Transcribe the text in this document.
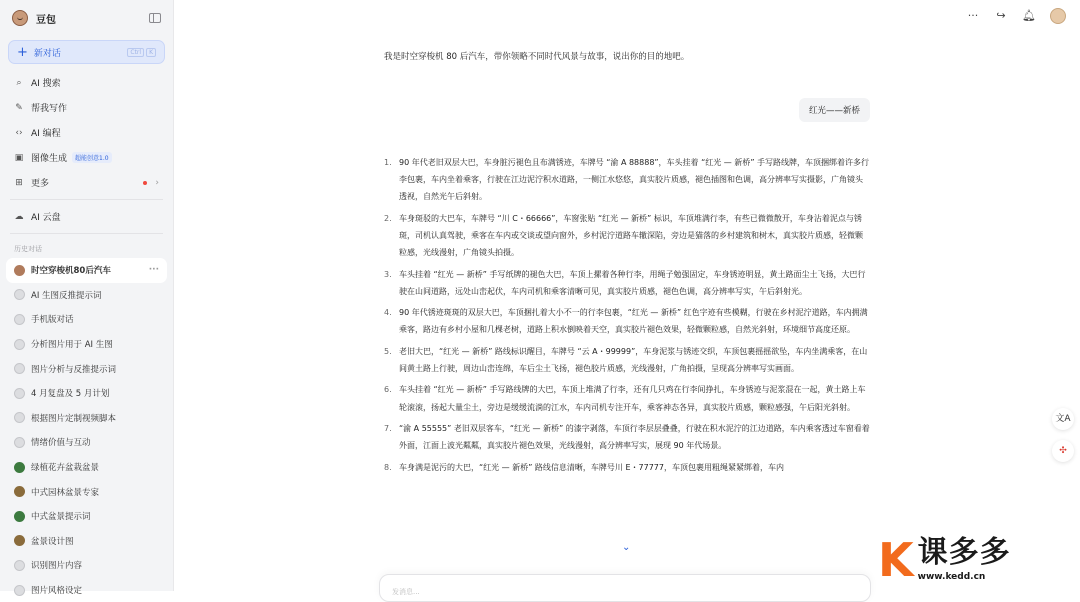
豆包
+ 新对话	Ctrl	K
⌕ AI 搜索
✎ 帮我写作
‹› AI 编程
▣ 图像生成	超能创意1.0
⊞ 更多	›
☁ AI 云盘
历史对话
时空穿梭机80后汽车	···
AI 生图反推提示词
手机版对话
分析图片用于 AI 生图
图片分析与反推提示词
4 月复盘及 5 月计划
根据图片定制视频脚本
情绪价值与互动
绿植花卉盆栽盆景
中式园林盆景专家
中式盆景提示词
盆景设计图
识别图片内容
图片风格设定
··· ↪ 🔔︎
我是时空穿梭机 80 后汽车，带你领略不同时代风景与故事，说出你的目的地吧。
红光——新桥
1. 90 年代老旧双层大巴，车身脏污褪色且布满锈迹，车牌号 “渝 A 88888”，车头挂着 “红光 — 新桥” 手写路线牌，车顶捆绑着许多行李包裹，车内坐着乘客，行驶在江边泥泞积水道路，一侧江水悠悠，真实胶片质感，褪色插图和色调，高分辨率写实摄影，广角镜头透视，自然光午后斜射。
2. 车身斑驳的大巴车，车牌号 “川 C・66666”，车窗张贴 “红光 — 新桥” 标识，车顶堆满行李，有些已微微散开，车身沾着泥点与锈斑，司机认真驾驶，乘客在车内或交谈或望向窗外，乡村泥泞道路车辙深陷，旁边是猫落的乡村建筑和树木，真实胶片质感，轻微颗粒感，光线漫射，广角镜头拍摄。
3. 车头挂着 “红光 — 新桥” 手写纸牌的褪色大巴，车顶上摞着各种行李，用绳子勉强固定，车身锈迹明显，黄土路面尘土飞扬，大巴行驶在山间道路，远处山峦起伏，车内司机和乘客清晰可见，真实胶片质感，褪色色调，高分辨率写实，午后斜射光。
4. 90 年代锈迹斑斑的双层大巴，车顶捆扎着大小不一的行李包裹，“红光 — 新桥” 红色字迹有些模糊，行驶在乡村泥泞道路，车内拥满乘客，路边有乡村小屋和几棵老树，道路上积水倒映着天空，真实胶片褪色效果，轻微颗粒感，自然光斜射，环境细节高度还原。
5. 老旧大巴，“红光 — 新桥” 路线标识醒目，车牌号 “云 A・99999”，车身泥浆与锈迹交织，车顶包裹摇摇欲坠，车内坐满乘客，在山间黄土路上行驶，周边山峦连绵，车后尘土飞扬，褪色胶片质感，光线漫射，广角拍摄，呈现高分辨率写实画面。
6. 车头挂着 “红光 — 新桥” 手写路线牌的大巴，车顶上堆满了行李，还有几只鸡在行李间挣扎，车身锈迹与泥浆混在一起，黄土路上车轮滚滚，扬起大量尘土，旁边是缓缓流淌的江水，车内司机专注开车，乘客神态各异，真实胶片质感，颗粒感强，午后阳光斜射。
7. “渝 A 55555” 老旧双层客车，“红光 — 新桥” 的漆字剥落，车顶行李层层叠叠，行驶在积水泥泞的江边道路，车内乘客透过车窗看着外面，江面上波光粼粼，真实胶片褪色效果，光线漫射，高分辨率写实，展现 90 年代场景。
8. 车身满是泥污的大巴，“红光 — 新桥” 路线信息清晰，车牌号川 E・77777，车顶包裹用粗绳紧紧绑着，车内
⌄
发消息...
文A
✣
K 课多多
www.kedd.cn
